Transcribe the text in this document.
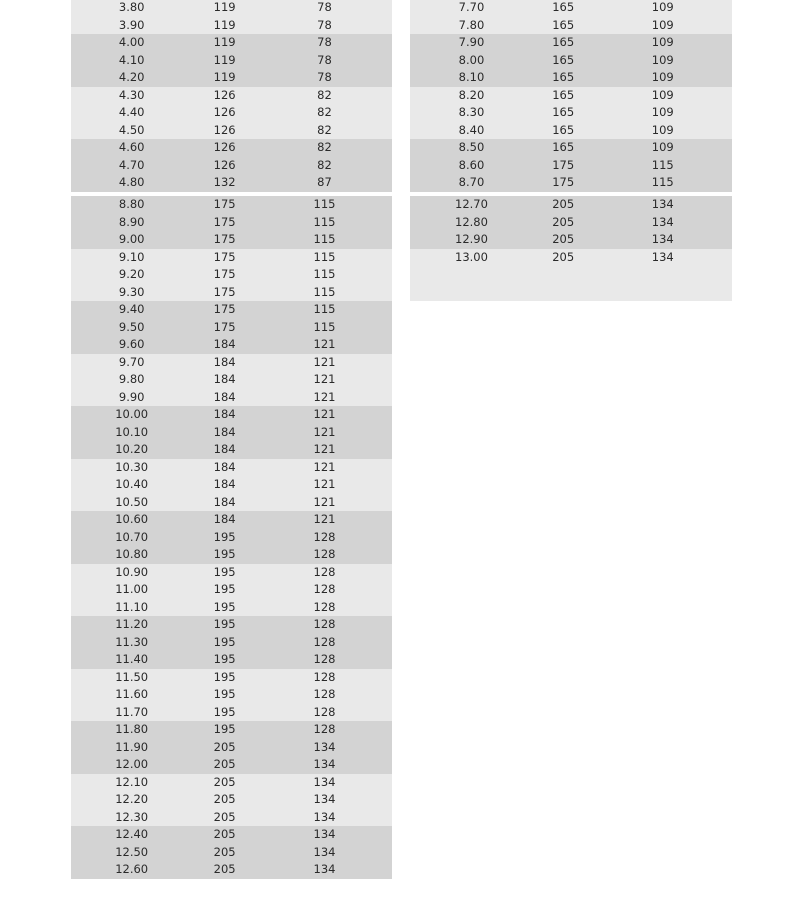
3.80	119	78
3.90	119	78
4.00	119	78
4.10	119	78
4.20	119	78
4.30	126	82
4.40	126	82
4.50	126	82
4.60	126	82
4.70	126	82
4.80	132	87
8.80	175	115
8.90	175	115
9.00	175	115
9.10	175	115
9.20	175	115
9.30	175	115
9.40	175	115
9.50	175	115
9.60	184	121
9.70	184	121
9.80	184	121
9.90	184	121
10.00	184	121
10.10	184	121
10.20	184	121
10.30	184	121
10.40	184	121
10.50	184	121
10.60	184	121
10.70	195	128
10.80	195	128
10.90	195	128
11.00	195	128
11.10	195	128
11.20	195	128
11.30	195	128
11.40	195	128
11.50	195	128
11.60	195	128
11.70	195	128
11.80	195	128
11.90	205	134
12.00	205	134
12.10	205	134
12.20	205	134
12.30	205	134
12.40	205	134
12.50	205	134
12.60	205	134
7.70	165	109
7.80	165	109
7.90	165	109
8.00	165	109
8.10	165	109
8.20	165	109
8.30	165	109
8.40	165	109
8.50	165	109
8.60	175	115
8.70	175	115
12.70	205	134
12.80	205	134
12.90	205	134
13.00	205	134
